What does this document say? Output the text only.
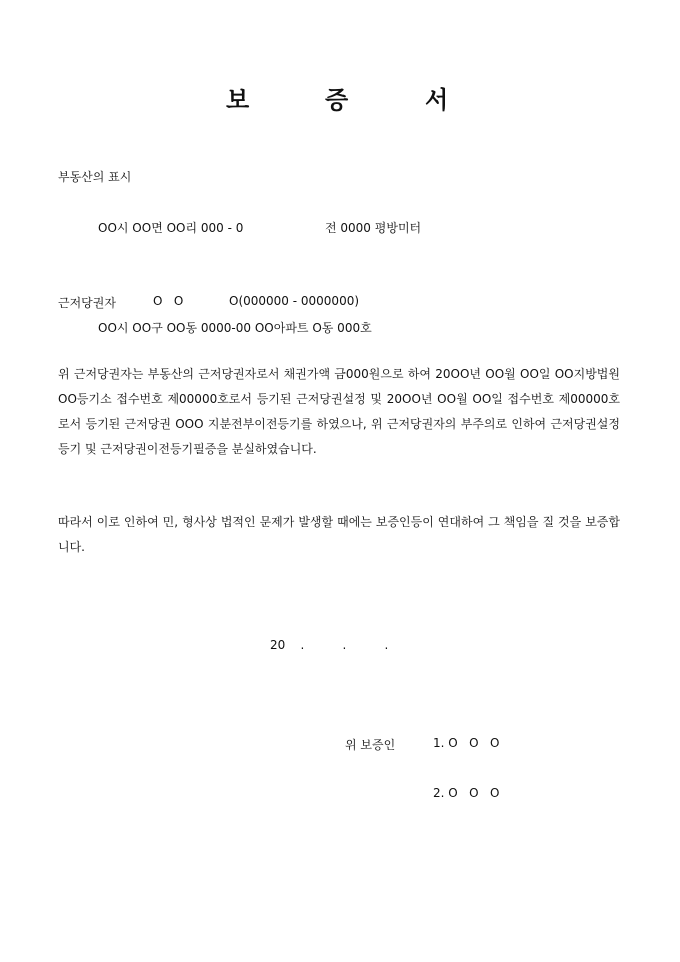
보	증	서
부동산의 표시
OO시 OO면 OO리 000 - 0	전 0000 평방미터
근저당권자	O   O	O(000000 - 0000000)
OO시 OO구 OO동 0000-00 OO아파트 O동 000호
위 근저당권자는 부동산의 근저당권자로서 채권가액 금000원으로 하여 20OO년 OO월 OO일 OO지방법원 OO등기소 접수번호 제00000호로서 등기된 근저당권설정 및 20OO년 OO월 OO일 접수번호 제00000호로서 등기된 근저당권 OOO 지분전부이전등기를 하였으나, 위 근저당권자의 부주의로 인하여 근저당권설정등기 및 근저당권이전등기필증을 분실하였습니다.
따라서 이로 인하여 민, 형사상 법적인 문제가 발생할 때에는 보증인등이 연대하여 그 책임을 질 것을 보증합니다.
20    .          .          .
위 보증인	1. O   O   O
2. O   O   O
